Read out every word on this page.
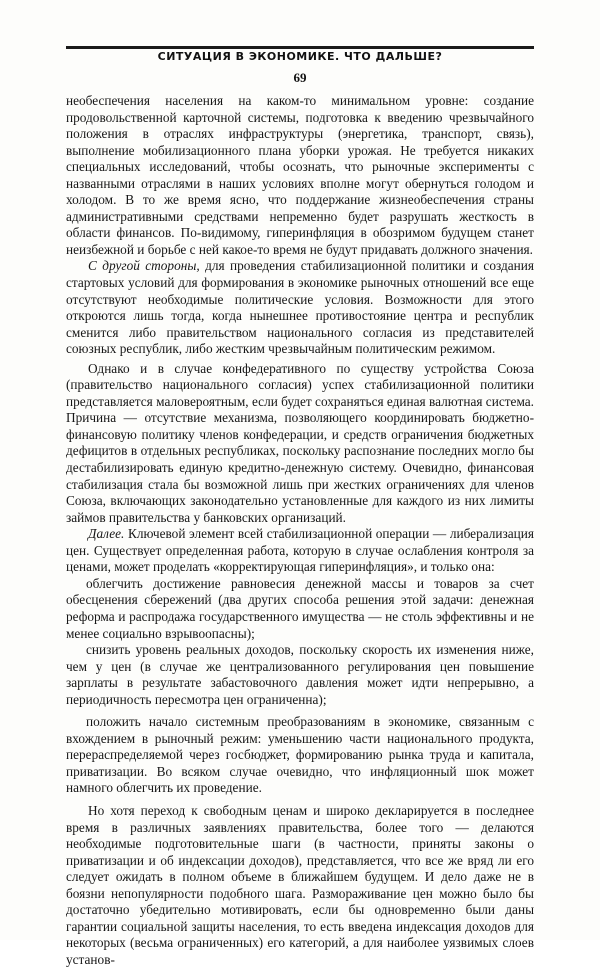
СИТУАЦИЯ В ЭКОНОМИКЕ. ЧТО ДАЛЬШЕ?
69

необеспечения населения на каком-то минимальном уровне: создание продовольственной карточной системы, подготовка к введению чрезвычайного положения в отраслях инфраструктуры (энергетика, транспорт, связь), выполнение мобилизационного плана уборки урожая. Не требуется никаких специальных исследований, чтобы осознать, что рыночные эксперименты с названными отраслями в наших условиях вполне могут обернуться голодом и холодом. В то же время ясно, что поддержание жизнеобеспечения страны административными средствами непременно будет разрушать жесткость в области финансов. По-видимому, гиперинфляция в обозримом будущем станет неизбежной и борьбе с ней какое-то время не будут придавать должного значения.

С другой стороны, для проведения стабилизационной политики и создания стартовых условий для формирования в экономике рыночных отношений все еще отсутствуют необходимые политические условия. Возможности для этого откроются лишь тогда, когда нынешнее противостояние центра и республик сменится либо правительством национального согласия из представителей союзных республик, либо жестким чрезвычайным политическим режимом.

Однако и в случае конфедеративного по существу устройства Союза (правительство национального согласия) успех стабилизационной политики представляется маловероятным, если будет сохраняться единая валютная система. Причина — отсутствие механизма, позволяющего координировать бюджетно-финансовую политику членов конфедерации, и средств ограничения бюджетных дефицитов в отдельных республиках, поскольку распознание последних могло бы дестабилизировать единую кредитно-денежную систему. Очевидно, финансовая стабилизация стала бы возможной лишь при жестких ограничениях для членов Союза, включающих законодательно установленные для каждого из них лимиты займов правительства у банковских организаций.

Далее. Ключевой элемент всей стабилизационной операции — либерализация цен. Существует определенная работа, которую в случае ослабления контроля за ценами, может проделать «корректирующая гиперинфляция», и только она:

облегчить достижение равновесия денежной массы и товаров за счет обесценения сбережений (два других способа решения этой задачи: денежная реформа и распродажа государственного имущества — не столь эффективны и не менее социально взрывоопасны);

снизить уровень реальных доходов, поскольку скорость их изменения ниже, чем у цен (в случае же централизованного регулирования цен повышение зарплаты в результате забастовочного давления может идти непрерывно, а периодичность пересмотра цен ограниченна);

положить начало системным преобразованиям в экономике, связанным с вхождением в рыночный режим: уменьшению части национального продукта, перераспределяемой через госбюджет, формированию рынка труда и капитала, приватизации. Во всяком случае очевидно, что инфляционный шок может намного облегчить их проведение.

Но хотя переход к свободным ценам и широко декларируется в последнее время в различных заявлениях правительства, более того — делаются необходимые подготовительные шаги (в частности, приняты законы о приватизации и об индексации доходов), представляется, что все же вряд ли его следует ожидать в полном объеме в ближайшем будущем. И дело даже не в боязни непопулярности подобного шага. Размораживание цен можно было бы достаточно убедительно мотивировать, если бы одновременно были даны гарантии социальной защиты населения, то есть введена индексация доходов для некоторых (весьма ограниченных) его категорий, а для наиболее уязвимых слоев установ-
